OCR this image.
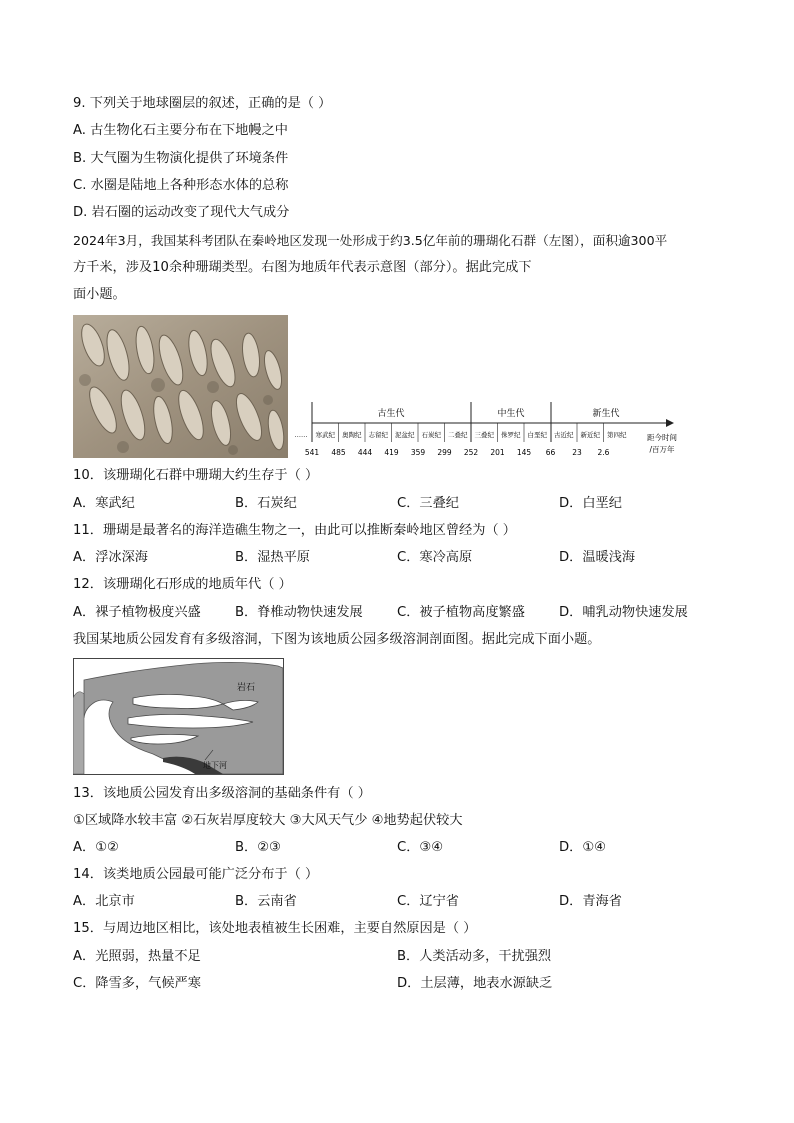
9. 下列关于地球圈层的叙述，正确的是（ ）
A. 古生物化石主要分布在下地幔之中
B. 大气圈为生物演化提供了环境条件
C. 水圈是陆地上各种形态水体的总称
D. 岩石圈的运动改变了现代大气成分
2024年3月，我国某科考团队在秦岭地区发现一处形成于约3.5亿年前的珊瑚化石群（左图），面积逾300平
方千米，涉及10余种珊瑚类型。右图为地质年代表示意图（部分）。据此完成下
面小题。
古生代	中生代	新生代
…… 寒武纪 奥陶纪 志留纪 泥盆纪 石炭纪 二叠纪 三叠纪 侏罗纪 白垩纪 古近纪 新近纪 第四纪
541 485 444 419 359 299 252 201 145 66 23 2.6
距今时间
/百万年
10．该珊瑚化石群中珊瑚大约生存于（ ）
A．寒武纪	B．石炭纪	C．三叠纪	D．白垩纪
11．珊瑚是最著名的海洋造礁生物之一，由此可以推断秦岭地区曾经为（ ）
A．浮冰深海	B．湿热平原	C．寒冷高原	D．温暖浅海
12．该珊瑚化石形成的地质年代（ ）
A．裸子植物极度兴盛	B．脊椎动物快速发展	C．被子植物高度繁盛	D．哺乳动物快速发展
我国某地质公园发育有多级溶洞，下图为该地质公园多级溶洞剖面图。据此完成下面小题。
岩石
地下河
13．该地质公园发育出多级溶洞的基础条件有（ ）
①区域降水较丰富 ②石灰岩厚度较大 ③大风天气少 ④地势起伏较大
A．①②	B．②③	C．③④	D．①④
14．该类地质公园最可能广泛分布于（ ）
A．北京市	B．云南省	C．辽宁省	D．青海省
15．与周边地区相比，该处地表植被生长困难，主要自然原因是（ ）
A．光照弱，热量不足	B．人类活动多，干扰强烈
C．降雪多，气候严寒	D．土层薄，地表水源缺乏
